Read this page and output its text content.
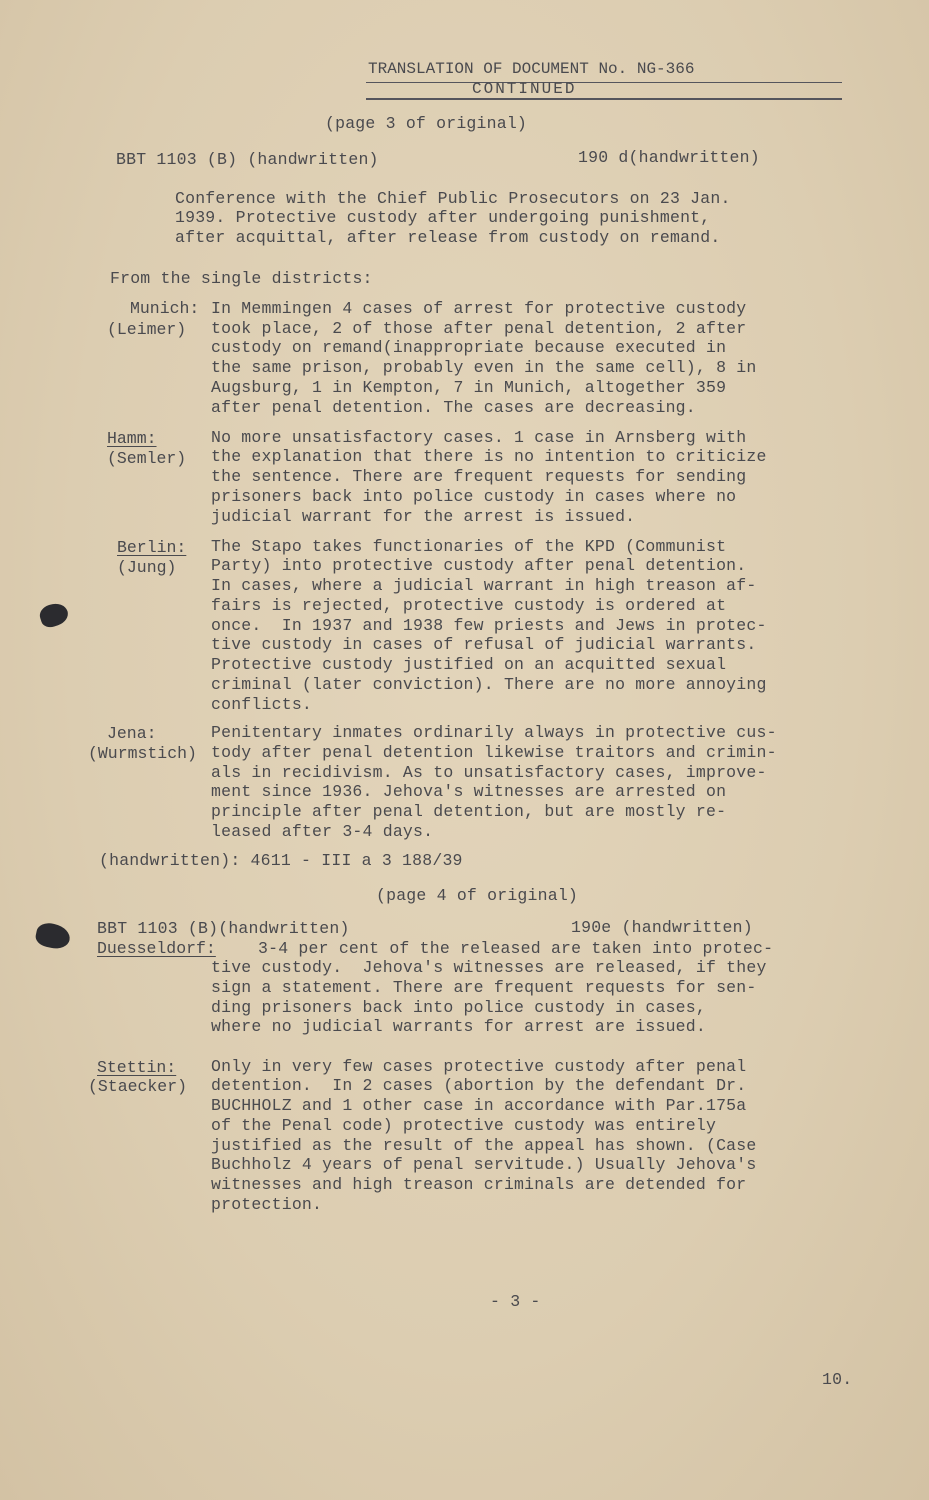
TRANSLATION OF DOCUMENT No. NG-366
CONTINUED
(page 3 of original)
BBT 1103 (B) (handwritten)	190 d(handwritten)
Conference with the Chief Public Prosecutors on 23 Jan.
1939. Protective custody after undergoing punishment,
after acquittal, after release from custody on remand.
From the single districts:
Munich:
(Leimer)
In Memmingen 4 cases of arrest for protective custody
took place, 2 of those after penal detention, 2 after
custody on remand(inappropriate because executed in
the same prison, probably even in the same cell), 8 in
Augsburg, 1 in Kempton, 7 in Munich, altogether 359
after penal detention. The cases are decreasing.
Hamm:
(Semler)
No more unsatisfactory cases. 1 case in Arnsberg with
the explanation that there is no intention to criticize
the sentence. There are frequent requests for sending
prisoners back into police custody in cases where no
judicial warrant for the arrest is issued.
Berlin:
(Jung)
The Stapo takes functionaries of the KPD (Communist
Party) into protective custody after penal detention.
In cases, where a judicial warrant in high treason af-
fairs is rejected, protective custody is ordered at
once.  In 1937 and 1938 few priests and Jews in protec-
tive custody in cases of refusal of judicial warrants.
Protective custody justified on an acquitted sexual
criminal (later conviction). There are no more annoying
conflicts.
Jena:
(Wurmstich)
Penitentary inmates ordinarily always in protective cus-
tody after penal detention likewise traitors and crimin-
als in recidivism. As to unsatisfactory cases, improve-
ment since 1936. Jehova's witnesses are arrested on
principle after penal detention, but are mostly re-
leased after 3-4 days.
(handwritten): 4611 - III a 3 188/39
(page 4 of original)
BBT 1103 (B)(handwritten)	190e (handwritten)
Duesseldorf:	3-4 per cent of the released are taken into protec-
tive custody.  Jehova's witnesses are released, if they
sign a statement. There are frequent requests for sen-
ding prisoners back into police custody in cases,
where no judicial warrants for arrest are issued.
Stettin:
(Staecker)
Only in very few cases protective custody after penal
detention.  In 2 cases (abortion by the defendant Dr.
BUCHHOLZ and 1 other case in accordance with Par.175a
of the Penal code) protective custody was entirely
justified as the result of the appeal has shown. (Case
Buchholz 4 years of penal servitude.) Usually Jehova's
witnesses and high treason criminals are detended for
protection.
- 3 -
10.
